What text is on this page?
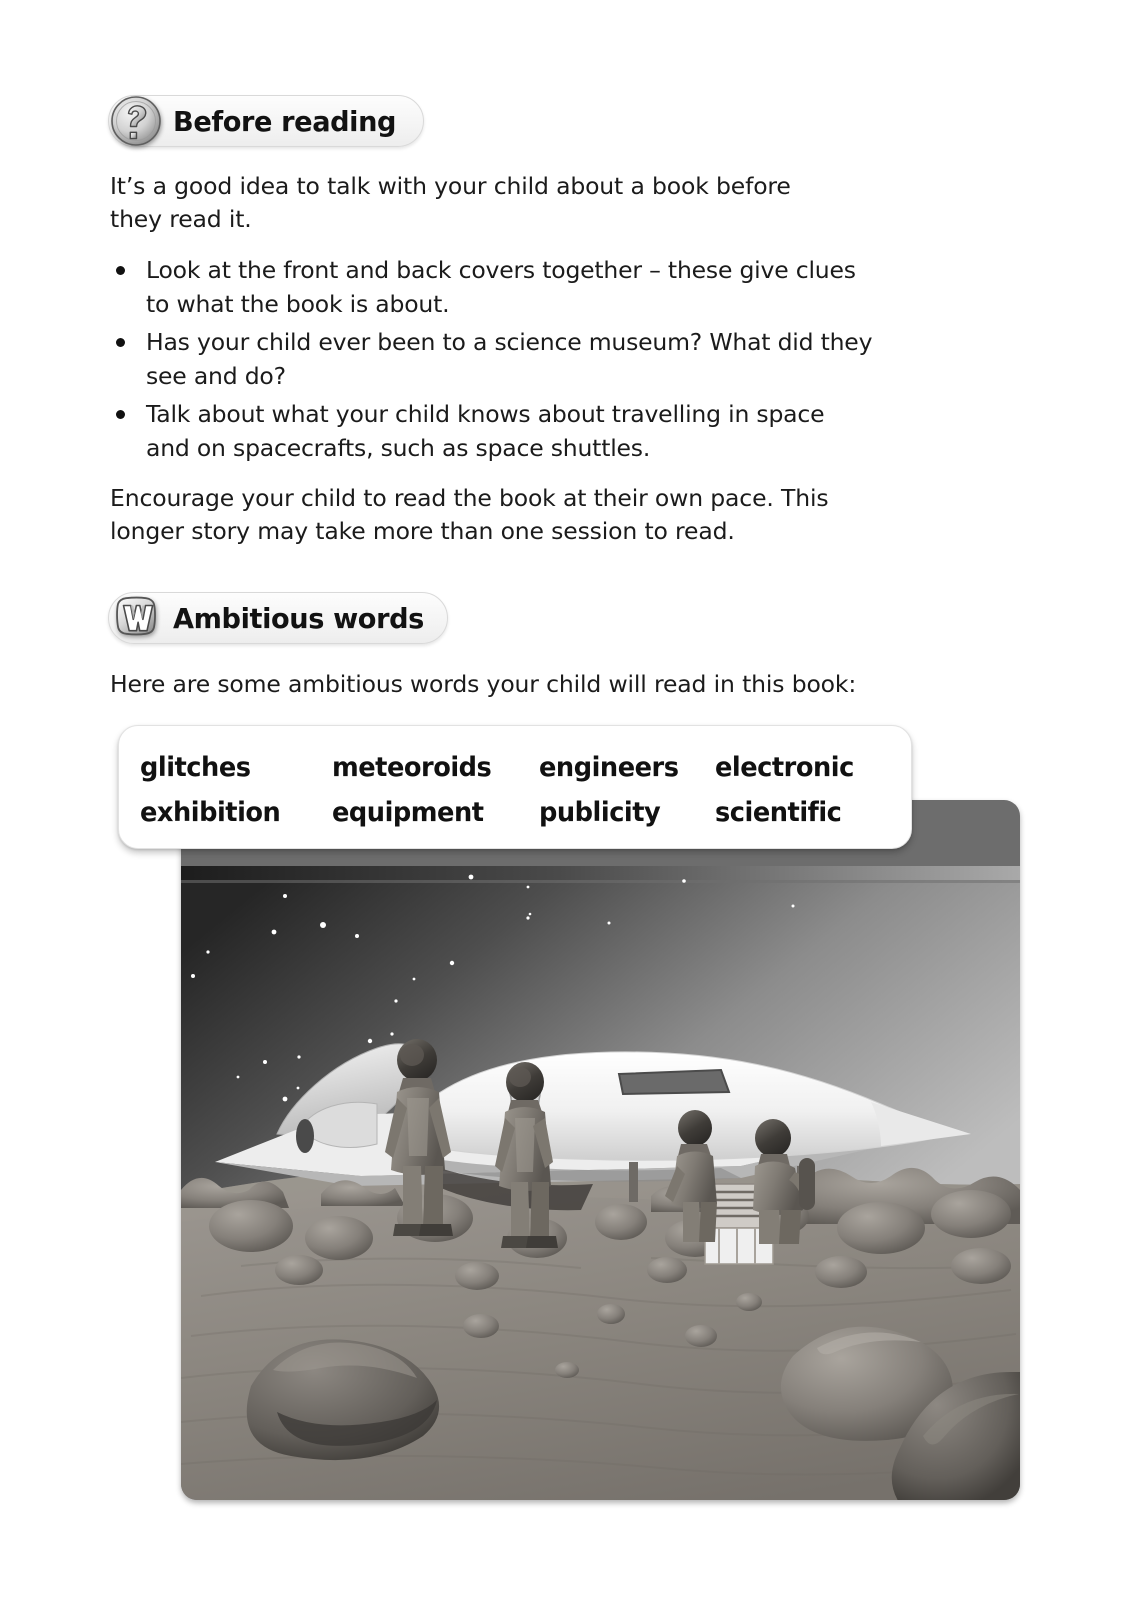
Before reading
It’s a good idea to talk with your child about a book before
they read it.
Look at the front and back covers together – these give clues
to what the book is about.
Has your child ever been to a science museum? What did they
see and do?
Talk about what your child knows about travelling in space
and on spacecrafts, such as space shuttles.
Encourage your child to read the book at their own pace. This
longer story may take more than one session to read.
Ambitious words
Here are some ambitious words your child will read in this book:
glitches	meteoroids	engineers	electronic
exhibition	equipment	publicity	scientific
